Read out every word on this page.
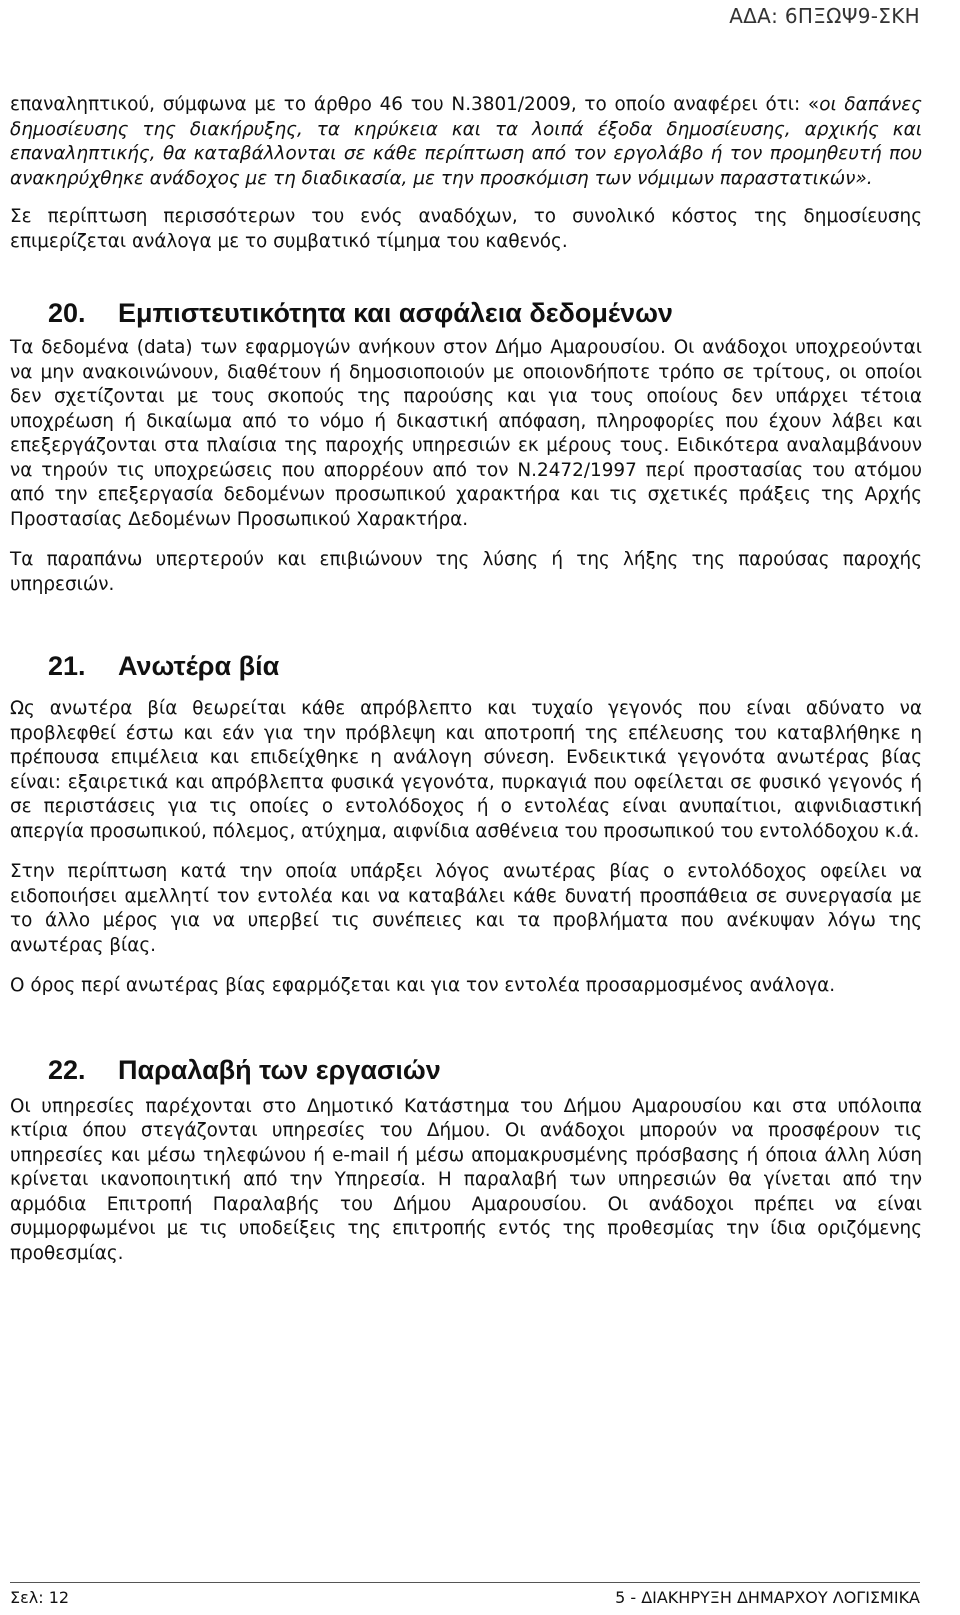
ΑΔΑ: 6ΠΞΩΨ9-ΣΚΗ

επαναληπτικού, σύμφωνα με το άρθρο 46 του Ν.3801/2009, το οποίο αναφέρει ότι: «οι δαπάνες δημοσίευσης της διακήρυξης, τα κηρύκεια και τα λοιπά έξοδα δημοσίευσης, αρχικής και επαναληπτικής, θα καταβάλλονται σε κάθε περίπτωση από τον εργολάβο ή τον προμηθευτή που ανακηρύχθηκε ανάδοχος με τη διαδικασία, με την προσκόμιση των νόμιμων παραστατικών».

Σε περίπτωση περισσότερων του ενός αναδόχων, το συνολικό κόστος της δημοσίευσης επιμερίζεται ανάλογα με το συμβατικό τίμημα του καθενός.

20.	Εμπιστευτικότητα και ασφάλεια δεδομένων

Τα δεδομένα (data) των εφαρμογών ανήκουν στον Δήμο Αμαρουσίου. Οι ανάδοχοι υποχρεούνται να μην ανακοινώνουν, διαθέτουν ή δημοσιοποιούν με οποιονδήποτε τρόπο σε τρίτους, οι οποίοι δεν σχετίζονται με τους σκοπούς της παρούσης και για τους οποίους δεν υπάρχει τέτοια υποχρέωση ή δικαίωμα από το νόμο ή δικαστική απόφαση, πληροφορίες που έχουν λάβει και επεξεργάζονται στα πλαίσια της παροχής υπηρεσιών εκ μέρους τους. Ειδικότερα αναλαμβάνουν να τηρούν τις υποχρεώσεις που απορρέουν από τον Ν.2472/1997 περί προστασίας του ατόμου από την επεξεργασία δεδομένων προσωπικού χαρακτήρα και τις σχετικές πράξεις της Αρχής Προστασίας Δεδομένων Προσωπικού Χαρακτήρα.

Τα παραπάνω υπερτερούν και επιβιώνουν της λύσης ή της λήξης της παρούσας παροχής υπηρεσιών.

21.	Ανωτέρα βία

Ως ανωτέρα βία θεωρείται κάθε απρόβλεπτο και τυχαίο γεγονός που είναι αδύνατο να προβλεφθεί έστω και εάν για την πρόβλεψη και αποτροπή της επέλευσης του καταβλήθηκε η πρέπουσα επιμέλεια και επιδείχθηκε η ανάλογη σύνεση. Ενδεικτικά γεγονότα ανωτέρας βίας είναι: εξαιρετικά και απρόβλεπτα φυσικά γεγονότα, πυρκαγιά που οφείλεται σε φυσικό γεγονός ή σε περιστάσεις για τις οποίες ο εντολόδοχος ή ο εντολέας είναι ανυπαίτιοι, αιφνιδιαστική απεργία προσωπικού, πόλεμος, ατύχημα, αιφνίδια ασθένεια του προσωπικού του εντολόδοχου κ.ά.

Στην περίπτωση κατά την οποία υπάρξει λόγος ανωτέρας βίας ο εντολόδοχος οφείλει να ειδοποιήσει αμελλητί τον εντολέα και να καταβάλει κάθε δυνατή προσπάθεια σε συνεργασία με το άλλο μέρος για να υπερβεί τις συνέπειες και τα προβλήματα που ανέκυψαν λόγω της ανωτέρας βίας.

Ο όρος περί ανωτέρας βίας εφαρμόζεται και για τον εντολέα προσαρμοσμένος ανάλογα.

22.	Παραλαβή των εργασιών

Οι υπηρεσίες παρέχονται στο Δημοτικό Κατάστημα του Δήμου Αμαρουσίου και στα υπόλοιπα κτίρια όπου στεγάζονται υπηρεσίες του Δήμου. Οι ανάδοχοι μπορούν να προσφέρουν τις υπηρεσίες και μέσω τηλεφώνου ή e-mail ή μέσω απομακρυσμένης πρόσβασης ή όποια άλλη λύση κρίνεται ικανοποιητική από την Υπηρεσία. Η παραλαβή των υπηρεσιών θα γίνεται από την αρμόδια Επιτροπή Παραλαβής του Δήμου Αμαρουσίου. Οι ανάδοχοι πρέπει να είναι συμμορφωμένοι με τις υποδείξεις της επιτροπής εντός της προθεσμίας την ίδια οριζόμενης προθεσμίας.

Σελ: 12	5 - ΔΙΑΚΗΡΥΞΗ ΔΗΜΑΡΧΟΥ ΛΟΓΙΣΜΙΚΑ
